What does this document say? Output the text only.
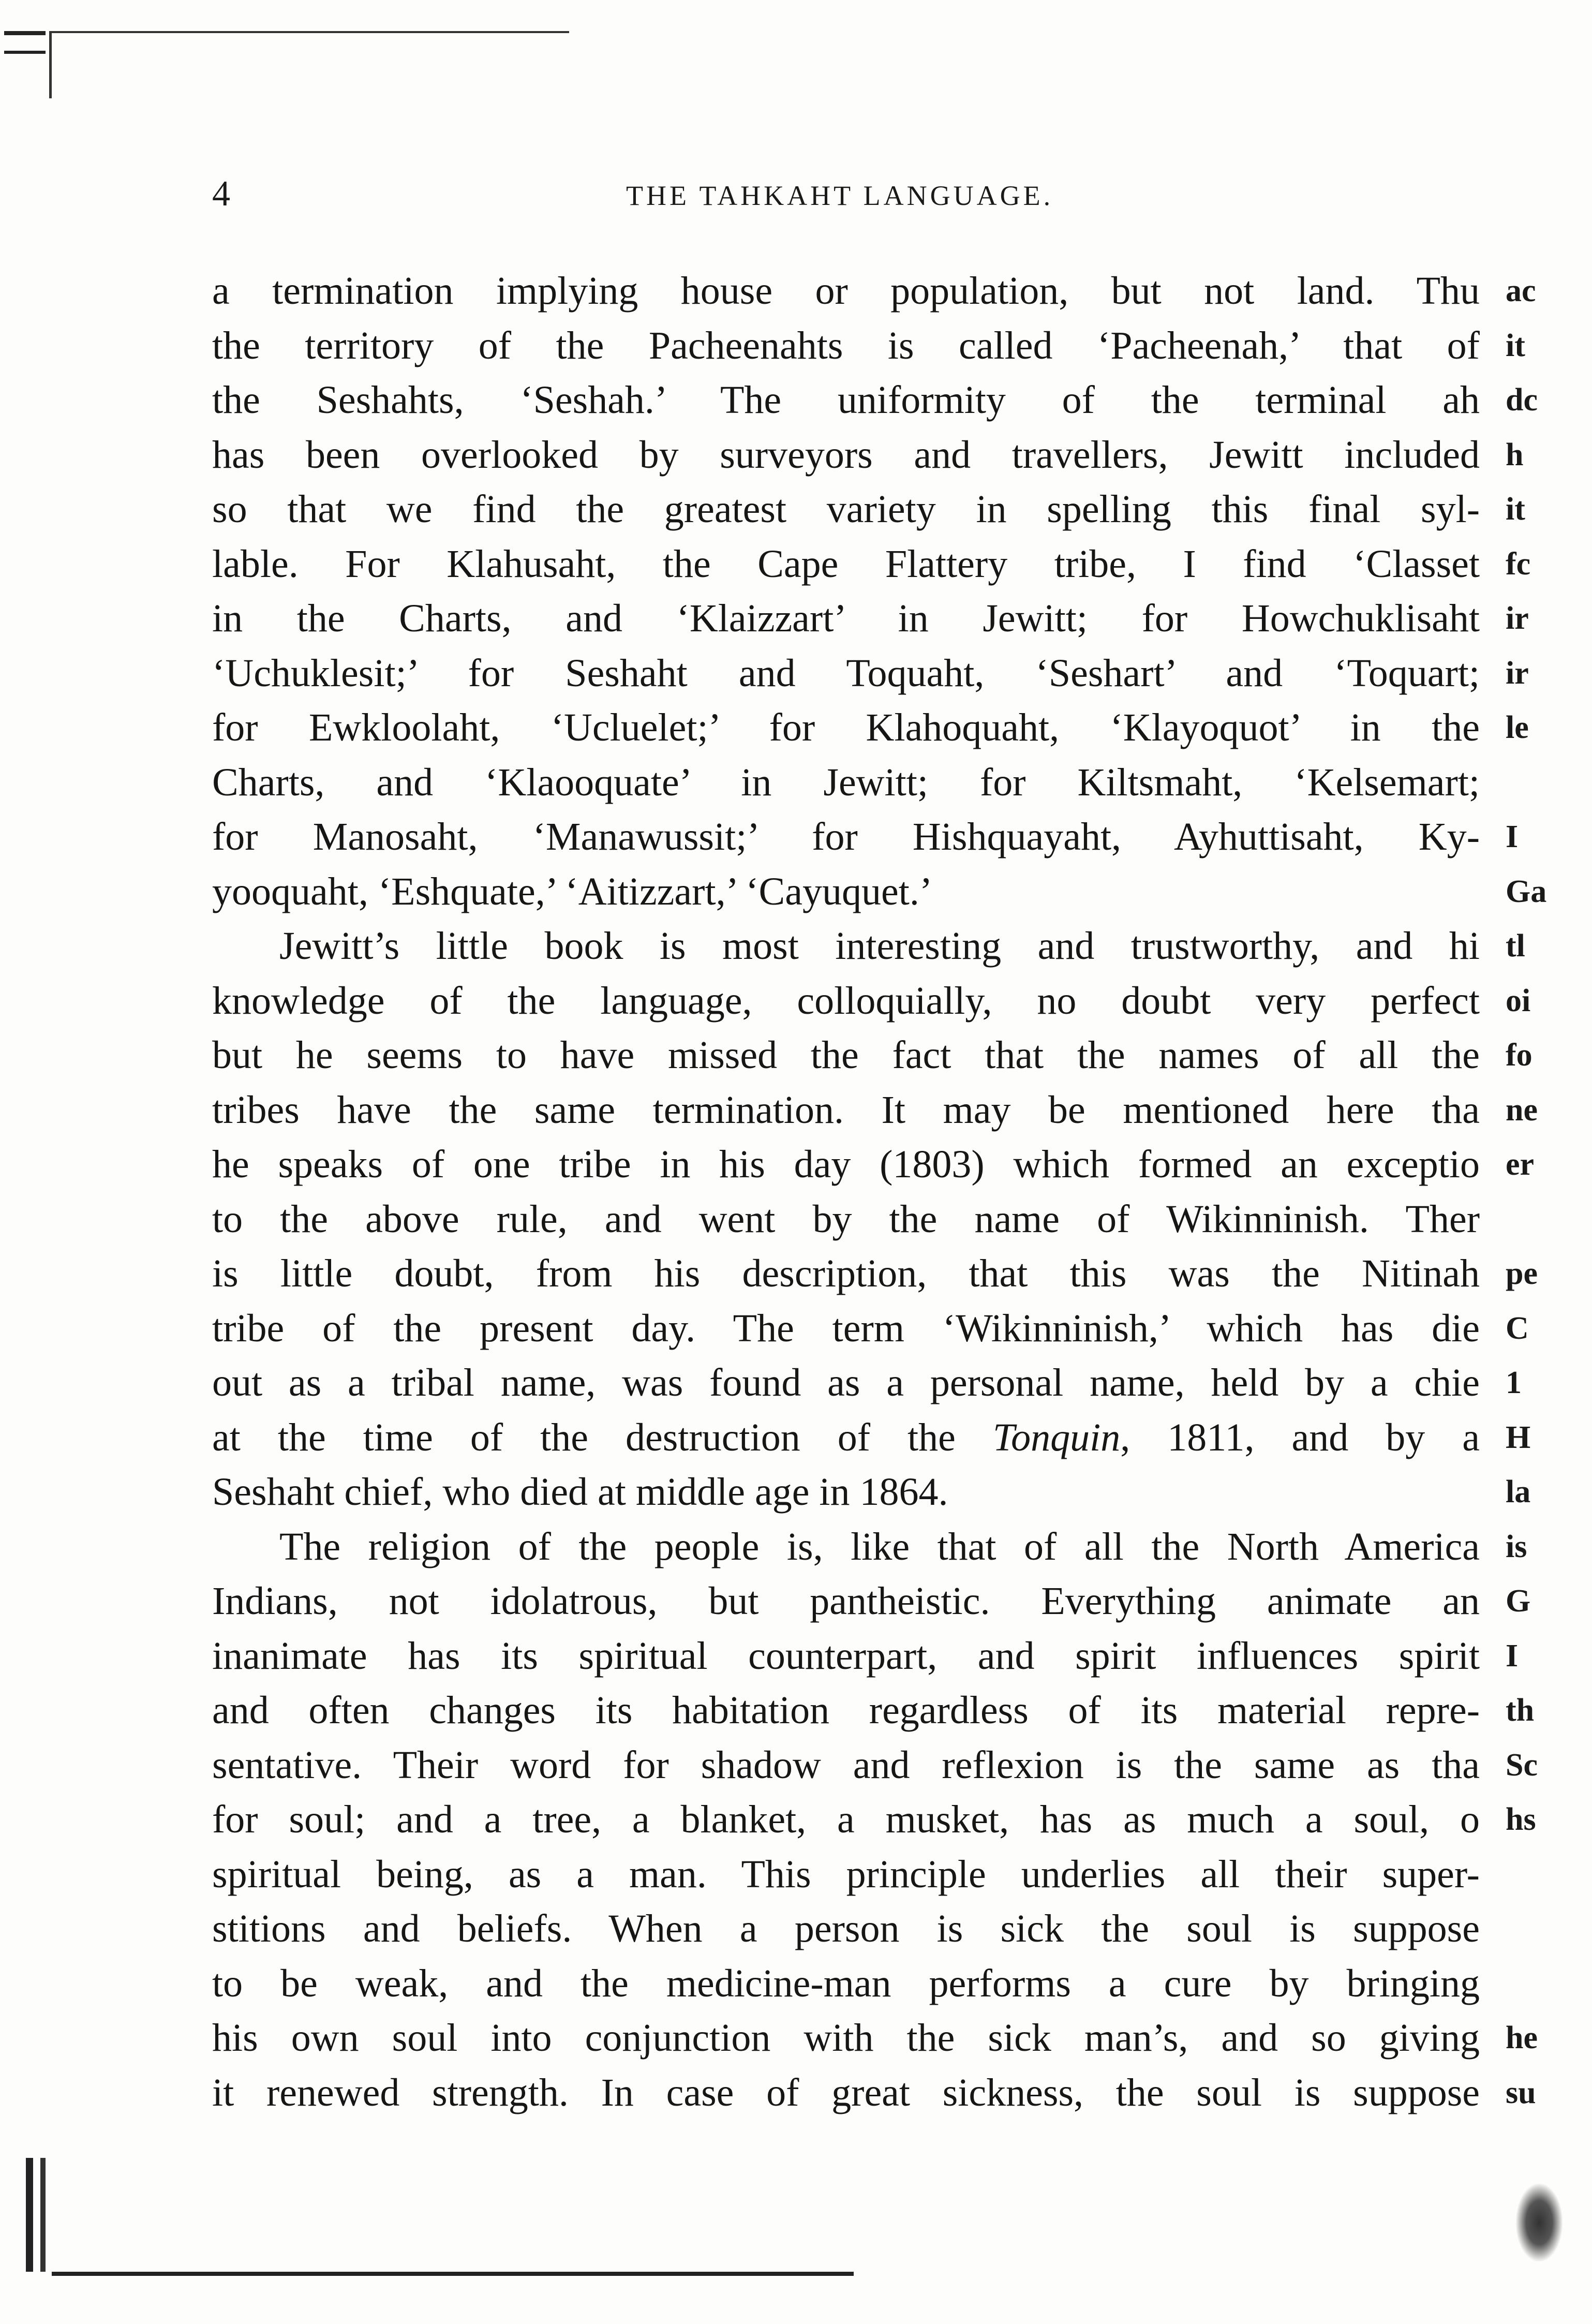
4	THE TAHKAHT LANGUAGE.

a termination implying house or population, but not land. Thu
the territory of the Pacheenahts is called ‘Pacheenah,’ that of
the Seshahts, ‘Seshah.’ The uniformity of the terminal ah
has been overlooked by surveyors and travellers, Jewitt included
so that we find the greatest variety in spelling this final syl-
lable. For Klahusaht, the Cape Flattery tribe, I find ‘Classet
in the Charts, and ‘Klaizzart’ in Jewitt; for Howchuklisaht
‘Uchuklesit;’ for Seshaht and Toquaht, ‘Seshart’ and ‘Toquart;
for Ewkloolaht, ‘Ucluelet;’ for Klahoquaht, ‘Klayoquot’ in the
Charts, and ‘Klaooquate’ in Jewitt; for Kiltsmaht, ‘Kelsemart;
for Manosaht, ‘Manawussit;’ for Hishquayaht, Ayhuttisaht, Ky-
yooquaht, ‘Eshquate,’ ‘Aitizzart,’ ‘Cayuquet.’

Jewitt’s little book is most interesting and trustworthy, and hi
knowledge of the language, colloquially, no doubt very perfect
but he seems to have missed the fact that the names of all the
tribes have the same termination. It may be mentioned here tha
he speaks of one tribe in his day (1803) which formed an exceptio
to the above rule, and went by the name of Wikinninish. Ther
is little doubt, from his description, that this was the Nitinah
tribe of the present day. The term ‘Wikinninish,’ which has die
out as a tribal name, was found as a personal name, held by a chie
at the time of the destruction of the Tonquin, 1811, and by a
Seshaht chief, who died at middle age in 1864.

The religion of the people is, like that of all the North America
Indians, not idolatrous, but pantheistic. Everything animate an
inanimate has its spiritual counterpart, and spirit influences spirit
and often changes its habitation regardless of its material repre-
sentative. Their word for shadow and reflexion is the same as tha
for soul; and a tree, a blanket, a musket, has as much a soul, o
spiritual being, as a man. This principle underlies all their super-
stitions and beliefs. When a person is sick the soul is suppose
to be weak, and the medicine-man performs a cure by bringing
his own soul into conjunction with the sick man’s, and so giving
it renewed strength. In case of great sickness, the soul is suppose

ac
it
dc
h
it
fc
ir
ir
le
I
Ga
tl
oi
fo
ne
er
pe
C
1
H
la
is
G
I
th
Sc
hs
he
su
